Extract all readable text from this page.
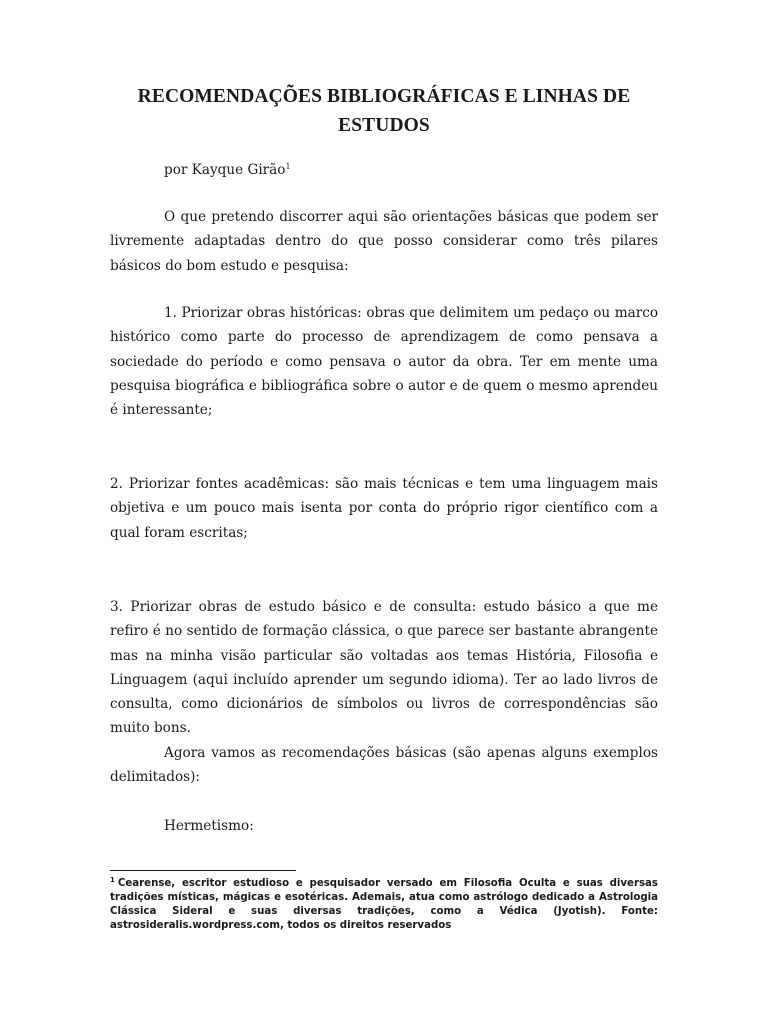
RECOMENDAÇÕES BIBLIOGRÁFICAS E LINHAS DE ESTUDOS

por Kayque Girão$^1$

O que pretendo discorrer aqui são orientações básicas que podem ser livremente adaptadas dentro do que posso considerar como três pilares básicos do bom estudo e pesquisa:

1. Priorizar obras históricas: obras que delimitem um pedaço ou marco histórico como parte do processo de aprendizagem de como pensava a sociedade do período e como pensava o autor da obra. Ter em mente uma pesquisa biográfica e bibliográfica sobre o autor e de quem o mesmo aprendeu é interessante;

2. Priorizar fontes acadêmicas: são mais técnicas e tem uma linguagem mais objetiva e um pouco mais isenta por conta do próprio rigor científico com a qual foram escritas;

3. Priorizar obras de estudo básico e de consulta: estudo básico a que me refiro é no sentido de formação clássica, o que parece ser bastante abrangente mas na minha visão particular são voltadas aos temas História, Filosofia e Linguagem (aqui incluído aprender um segundo idioma). Ter ao lado livros de consulta, como dicionários de símbolos ou livros de correspondências são muito bons.

Agora vamos as recomendações básicas (são apenas alguns exemplos delimitados):

Hermetismo:

$^1$ Cearense, escritor estudioso e pesquisador versado em Filosofia Oculta e suas diversas tradições místicas, mágicas e esotéricas. Ademais, atua como astrólogo dedicado a Astrologia Clássica Sideral e suas diversas tradições, como a Védica (Jyotish). Fonte: astrosideralis.wordpress.com, todos os direitos reservados
